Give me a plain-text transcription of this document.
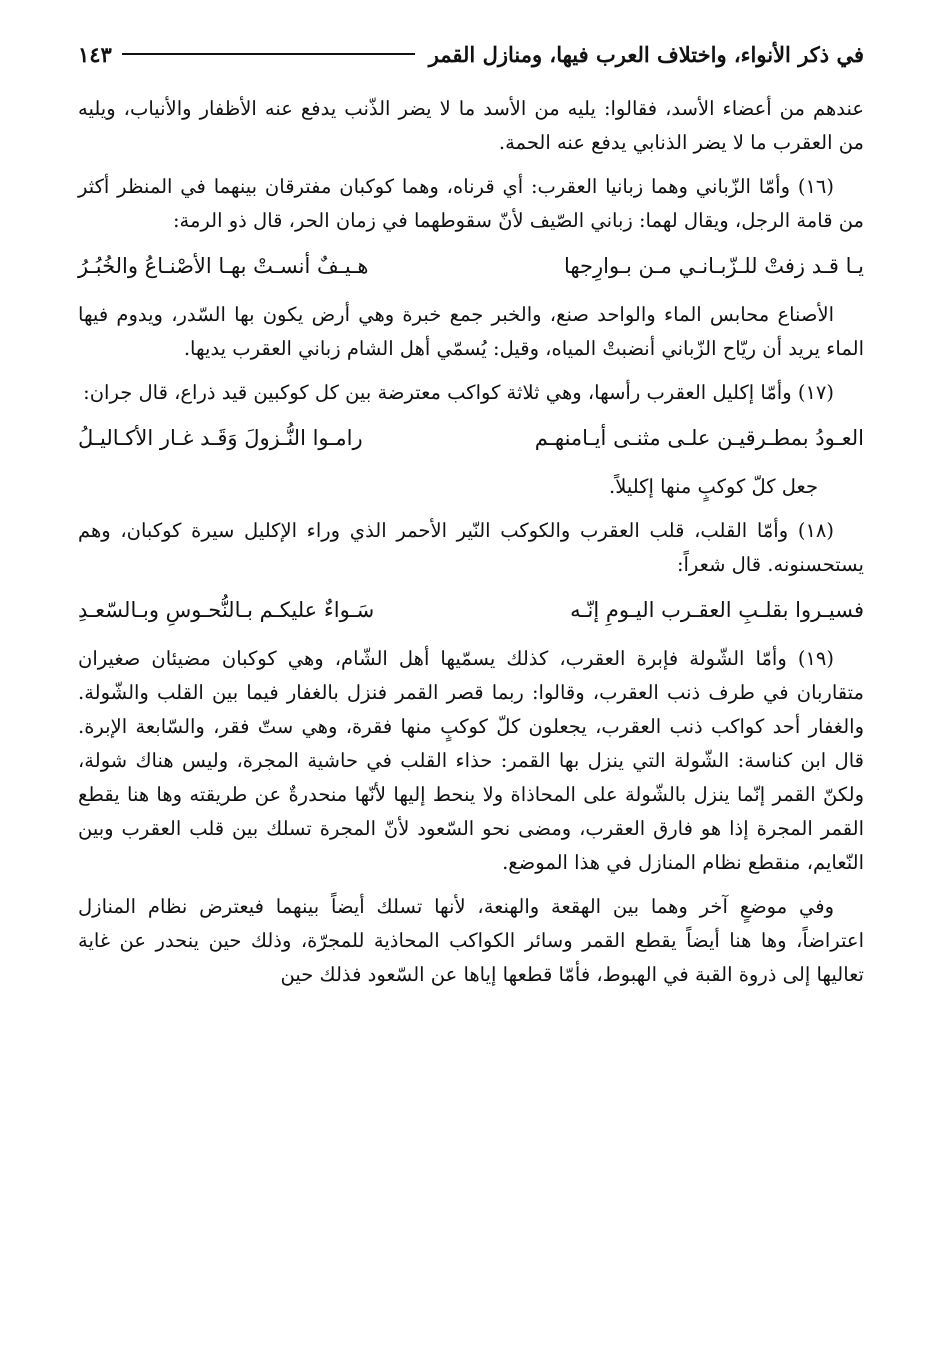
في ذكر الأنواء، واختلاف العرب فيها، ومنازل القمر
١٤٣

عندهم من أعضاء الأسد، فقالوا: يليه من الأسد ما لا يضر الذّنب يدفع عنه الأظفار والأنياب، ويليه من العقرب ما لا يضر الذنابي يدفع عنه الحمة.

(١٦) وأمّا الزّباني وهما زبانيا العقرب: أي قرناه، وهما كوكبان مفترقان بينهما في المنظر أكثر من قامة الرجل، ويقال لهما: زباني الصّيف لأنّ سقوطهما في زمان الحر، قال ذو الرمة:

يـا قـد زفتْ للـزّبـانـي مـن بـوارِجها
هـيـفٌ أنسـتْ بهـا الأصْنـاعُ والخُبُـرُ

الأصناع محابس الماء والواحد صنع، والخبر جمع خبرة وهي أرض يكون بها السّدر، ويدوم فيها الماء يريد أن ريّاح الزّباني أنضبتْ المياه، وقيل: يُسمّي أهل الشام زباني العقرب يديها.

(١٧) وأمّا إكليل العقرب رأسها، وهي ثلاثة كواكب معترضة بين كل كوكبين قيد ذراع، قال جران:

العـودُ بمطـرقيـن علـى مثنـى أيـامنهـم
رامـوا النُّـزولَ وَقَـد غـار الأكـاليـلُ

جعل كلّ كوكبٍ منها إكليلاً.

(١٨) وأمّا القلب، قلب العقرب والكوكب النّير الأحمر الذي وراء الإكليل سيرة كوكبان، وهم يستحسنونه. قال شعراً:

فسيـروا بقلـبِ العقـرب اليـومِ إنّـه
سَـواءٌ عليكـم بـالنُّحـوسِ وبـالسّعـدِ

(١٩) وأمّا الشّولة فإبرة العقرب، كذلك يسمّيها أهل الشّام، وهي كوكبان مضيئان صغيران متقاربان في طرف ذنب العقرب، وقالوا: ربما قصر القمر فنزل بالغفار فيما بين القلب والشّولة. والغفار أحد كواكب ذنب العقرب، يجعلون كلّ كوكبٍ منها فقرة، وهي ستّ فقر، والسّابعة الإبرة. قال ابن كناسة: الشّولة التي ينزل بها القمر: حذاء القلب في حاشية المجرة، وليس هناك شولة، ولكنّ القمر إنّما ينزل بالشّولة على المحاذاة ولا ينحط إليها لأنّها منحدرةٌ عن طريقته وها هنا يقطع القمر المجرة إذا هو فارق العقرب، ومضى نحو السّعود لأنّ المجرة تسلك بين قلب العقرب وبين النّعايم، منقطع نظام المنازل في هذا الموضع.

وفي موضعٍ آخر وهما بين الهقعة والهنعة، لأنها تسلك أيضاً بينهما فيعترض نظام المنازل اعتراضاً، وها هنا أيضاً يقطع القمر وسائر الكواكب المحاذية للمجرّة، وذلك حين ينحدر عن غاية تعاليها إلى ذروة القبة في الهبوط، فأمّا قطعها إياها عن السّعود فذلك حين
